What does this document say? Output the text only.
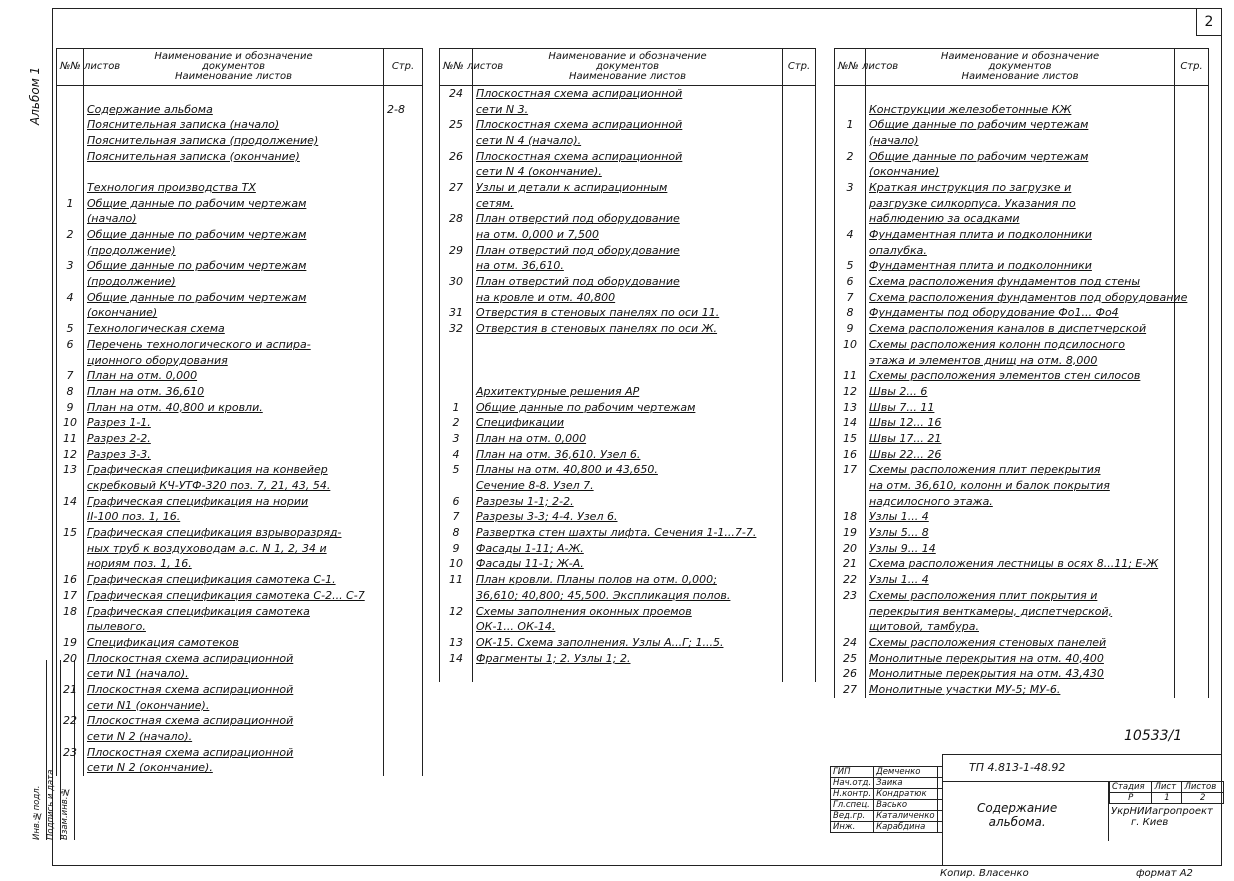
2
Альбом 1
Инв.№подл. Подпись и дата Взам.инв.№
№№ листов	Наименование и обозначение
документов
Наименование листов	Стр.

	Содержание альбома	2-8
	Пояснительная записка (начало)	
	Пояснительная записка (продолжение)	
	Пояснительная записка (окончание)	

	Технология производства ТХ	
1	Общие данные по рабочим чертежам	
	(начало)	
2	Общие данные по рабочим чертежам	
	(продолжение)	
3	Общие данные по рабочим чертежам	
	(продолжение)	
4	Общие данные по рабочим чертежам	
	(окончание)	
5	Технологическая схема	
6	Перечень технологического и аспира-	
	ционного оборудования	
7	План на отм. 0,000	
8	План на отм. 36,610	
9	План на отм. 40,800 и кровли.	
10	Разрез 1-1.	
11	Разрез 2-2.	
12	Разрез 3-3.	
13	Графическая спецификация на конвейер	
	скребковый КЧ-УТФ-320 поз. 7, 21, 43, 54.	
14	Графическая спецификация на нории	
	II-100 поз. 1, 16.	
15	Графическая спецификация взрыворазряд-	
	ных труб к воздуховодам а.с. N 1, 2, 34 и	
	нориям поз. 1, 16.	
16	Графическая спецификация самотека С-1.	
17	Графическая спецификация самотека С-2... С-7	
18	Графическая спецификация самотека	
	пылевого.	
19	Спецификация самотеков	
20	Плоскостная схема аспирационной	
	сети N1 (начало).	
21	Плоскостная схема аспирационной	
	сети N1 (окончание).	
22	Плоскостная схема аспирационной	
	сети N 2 (начало).	
23	Плоскостная схема аспирационной	
	сети N 2 (окончание).	
№№ листов	Наименование и обозначение
документов
Наименование листов	Стр.
24	Плоскостная схема аспирационной	
	сети N 3.	
25	Плоскостная схема аспирационной	
	сети N 4 (начало).	
26	Плоскостная схема аспирационной	
	сети N 4 (окончание).	
27	Узлы и детали к аспирационным	
	сетям.	
28	План отверстий под оборудование	
	на отм. 0,000 и 7,500	
29	План отверстий под оборудование	
	на отм. 36,610.	
30	План отверстий под оборудование	
	на кровле и отм. 40,800	
31	Отверстия в стеновых панелях по оси 11.	
32	Отверстия в стеновых панелях по оси Ж.	

	Архитектурные решения АР	
1	Общие данные по рабочим чертежам	
2	Спецификации	
3	План на отм. 0,000	
4	План на отм. 36,610. Узел 6.	
5	Планы на отм. 40,800 и 43,650.	
	Сечение 8-8. Узел 7.	
6	Разрезы 1-1; 2-2.	
7	Разрезы 3-3; 4-4. Узел 6.	
8	Развертка стен шахты лифта. Сечения 1-1...7-7.	
9	Фасады 1-11; А-Ж.	
10	Фасады 11-1; Ж-А.	
11	План кровли. Планы полов на отм. 0,000;	
	36,610; 40,800; 45,500. Экспликация полов.	
12	Схемы заполнения оконных проемов	
	ОК-1... ОК-14.	
13	ОК-15. Схема заполнения. Узлы А...Г; 1...5.	
14	Фрагменты 1; 2. Узлы 1; 2.	

№№ листов	Наименование и обозначение
документов
Наименование листов	Стр.

	Конструкции железобетонные КЖ	
1	Общие данные по рабочим чертежам	
	(начало)	
2	Общие данные по рабочим чертежам	
	(окончание)	
3	Краткая инструкция по загрузке и	
	разгрузке силкорпуса. Указания по	
	наблюдению за осадками	
4	Фундаментная плита и подколонники	
	опалубка.	
5	Фундаментная плита и подколонники	
6	Схема расположения фундаментов под стены	
7	Схема расположения фундаментов под оборудование	
8	Фундаменты под оборудование Фо1... Фо4	
9	Схема расположения каналов в диспетчерской	
10	Схемы расположения колонн подсилосного	
	этажа и элементов днищ на отм. 8,000	
11	Схемы расположения элементов стен силосов	
12	Швы 2... 6	
13	Швы 7... 11	
14	Швы 12... 16	
15	Швы 17... 21	
16	Швы 22... 26	
17	Схемы расположения плит перекрытия	
	на отм. 36,610, колонн и балок покрытия	
	надсилосного этажа.	
18	Узлы 1... 4	
19	Узлы 5... 8	
20	Узлы 9... 14	
21	Схема расположения лестницы в осях 8...11; Е-Ж	
22	Узлы 1... 4	
23	Схемы расположения плит покрытия и	
	перекрытия венткамеры, диспетчерской,	
	щитовой, тамбура.	
24	Схемы расположения стеновых панелей	
25	Монолитные перекрытия на отм. 40,400	
26	Монолитные перекрытия на отм. 43,430	
27	Монолитные участки МУ-5; МУ-6.	
10533/1
ГИП	Демченко	
Нач.отд.	Заика	
Н.контр.	Кондратюк	
Гл.спец.	Васько	
Вед.гр.	Каталиченко	
Инж.	Карабдина	
ТП 4.813-1-48.92
Содержание
альбома.
Стадия	Лист	Листов
Р	1	2
УкрНИИагропроект
г. Киев
Копир. Власенко	формат А2
